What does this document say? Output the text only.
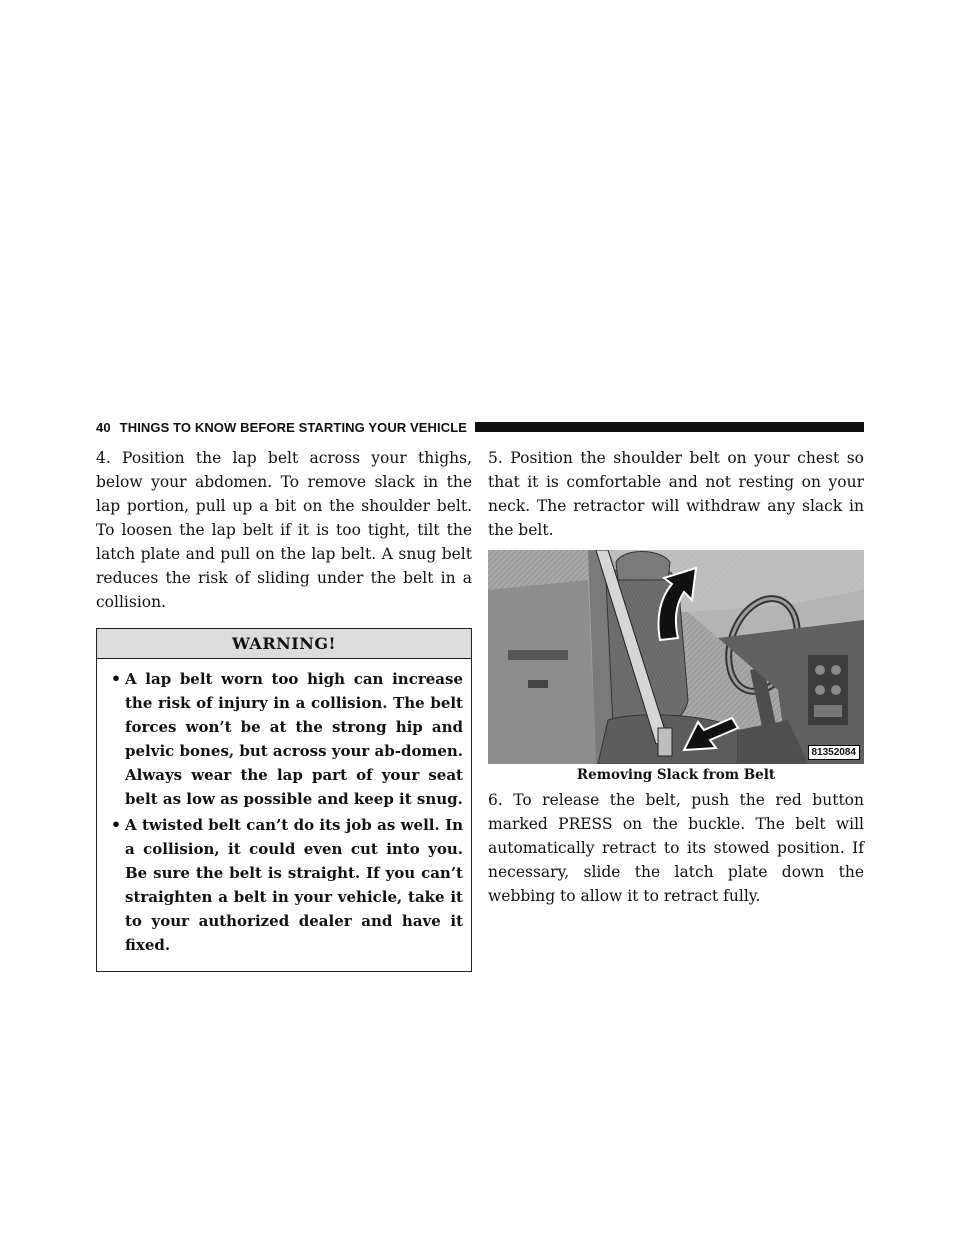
40 THINGS TO KNOW BEFORE STARTING YOUR VEHICLE

4. Position the lap belt across your thighs, below your abdomen. To remove slack in the lap portion, pull up a bit on the shoulder belt. To loosen the lap belt if it is too tight, tilt the latch plate and pull on the lap belt. A snug belt reduces the risk of sliding under the belt in a collision.

WARNING!
• A lap belt worn too high can increase the risk of injury in a collision. The belt forces won’t be at the strong hip and pelvic bones, but across your ab-domen. Always wear the lap part of your seat belt as low as possible and keep it snug.
• A twisted belt can’t do its job as well. In a collision, it could even cut into you. Be sure the belt is straight. If you can’t straighten a belt in your vehicle, take it to your authorized dealer and have it fixed.

5. Position the shoulder belt on your chest so that it is comfortable and not resting on your neck. The retractor will withdraw any slack in the belt.

81352084

Removing Slack from Belt

6. To release the belt, push the red button marked PRESS on the buckle. The belt will automatically retract to its stowed position. If necessary, slide the latch plate down the webbing to allow it to retract fully.
